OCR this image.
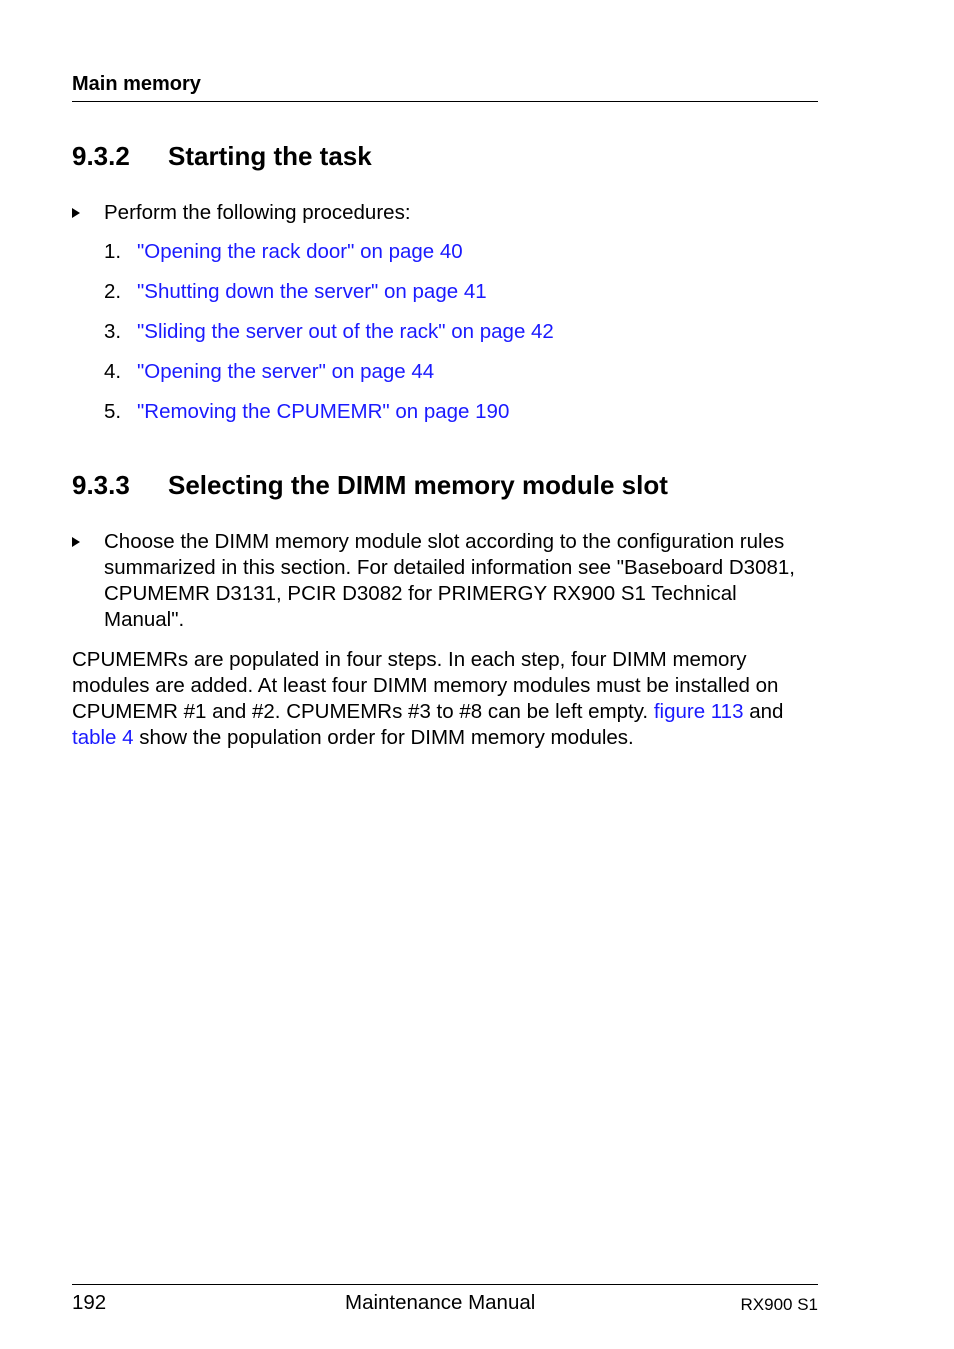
Main memory
9.3.2 Starting the task
Perform the following procedures:
1. "Opening the rack door" on page 40
2. "Shutting down the server" on page 41
3. "Sliding the server out of the rack" on page 42
4. "Opening the server" on page 44
5. "Removing the CPUMEMR" on page 190
9.3.3 Selecting the DIMM memory module slot
Choose the DIMM memory module slot according to the configuration rules summarized in this section. For detailed information see "Baseboard D3081, CPUMEMR D3131, PCIR D3082 for PRIMERGY RX900 S1 Technical Manual".

CPUMEMRs are populated in four steps. In each step, four DIMM memory modules are added. At least four DIMM memory modules must be installed on CPUMEMR #1 and #2. CPUMEMRs #3 to #8 can be left empty. figure 113 and table 4 show the population order for DIMM memory modules.

192	Maintenance Manual	RX900 S1
